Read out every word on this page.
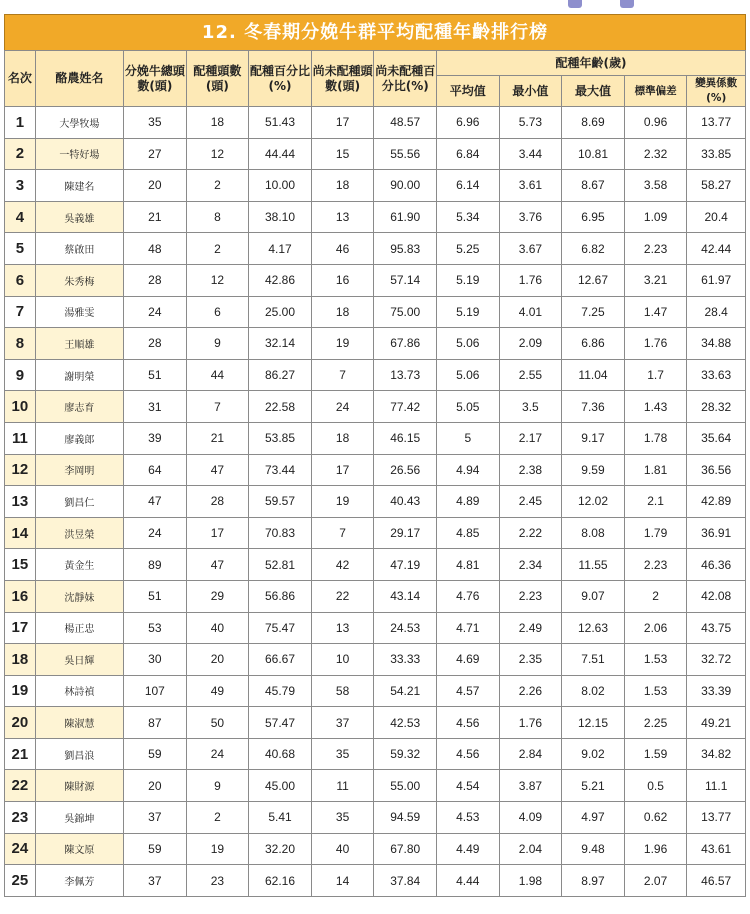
12. 冬春期分娩牛群平均配種年齡排行榜
名次	酪農姓名	分娩牛總頭數(頭)	配種頭數(頭)	配種百分比(%)	尚未配種頭數(頭)	尚未配種百分比(%)	配種年齡(歲)				
							平均值	最小值	最大值	標準偏差	變異係數(%)
1	大學牧場	35	18	51.43	17	48.57	6.96	5.73	8.69	0.96	13.77
2	一特好場	27	12	44.44	15	55.56	6.84	3.44	10.81	2.32	33.85
3	陳建名	20	2	10.00	18	90.00	6.14	3.61	8.67	3.58	58.27
4	吳義雄	21	8	38.10	13	61.90	5.34	3.76	6.95	1.09	20.4
5	蔡啟田	48	2	4.17	46	95.83	5.25	3.67	6.82	2.23	42.44
6	朱秀梅	28	12	42.86	16	57.14	5.19	1.76	12.67	3.21	61.97
7	湯雅雯	24	6	25.00	18	75.00	5.19	4.01	7.25	1.47	28.4
8	王順雄	28	9	32.14	19	67.86	5.06	2.09	6.86	1.76	34.88
9	謝明榮	51	44	86.27	7	13.73	5.06	2.55	11.04	1.7	33.63
10	廖志育	31	7	22.58	24	77.42	5.05	3.5	7.36	1.43	28.32
11	廖義郎	39	21	53.85	18	46.15	5	2.17	9.17	1.78	35.64
12	李岡明	64	47	73.44	17	26.56	4.94	2.38	9.59	1.81	36.56
13	劉昌仁	47	28	59.57	19	40.43	4.89	2.45	12.02	2.1	42.89
14	洪昱榮	24	17	70.83	7	29.17	4.85	2.22	8.08	1.79	36.91
15	黃金生	89	47	52.81	42	47.19	4.81	2.34	11.55	2.23	46.36
16	沈靜妹	51	29	56.86	22	43.14	4.76	2.23	9.07	2	42.08
17	楊正忠	53	40	75.47	13	24.53	4.71	2.49	12.63	2.06	43.75
18	吳日輝	30	20	66.67	10	33.33	4.69	2.35	7.51	1.53	32.72
19	林詩禎	107	49	45.79	58	54.21	4.57	2.26	8.02	1.53	33.39
20	陳淑慧	87	50	57.47	37	42.53	4.56	1.76	12.15	2.25	49.21
21	劉昌浪	59	24	40.68	35	59.32	4.56	2.84	9.02	1.59	34.82
22	陳財源	20	9	45.00	11	55.00	4.54	3.87	5.21	0.5	11.1
23	吳錦坤	37	2	5.41	35	94.59	4.53	4.09	4.97	0.62	13.77
24	陳文原	59	19	32.20	40	67.80	4.49	2.04	9.48	1.96	43.61
25	李佩芳	37	23	62.16	14	37.84	4.44	1.98	8.97	2.07	46.57
